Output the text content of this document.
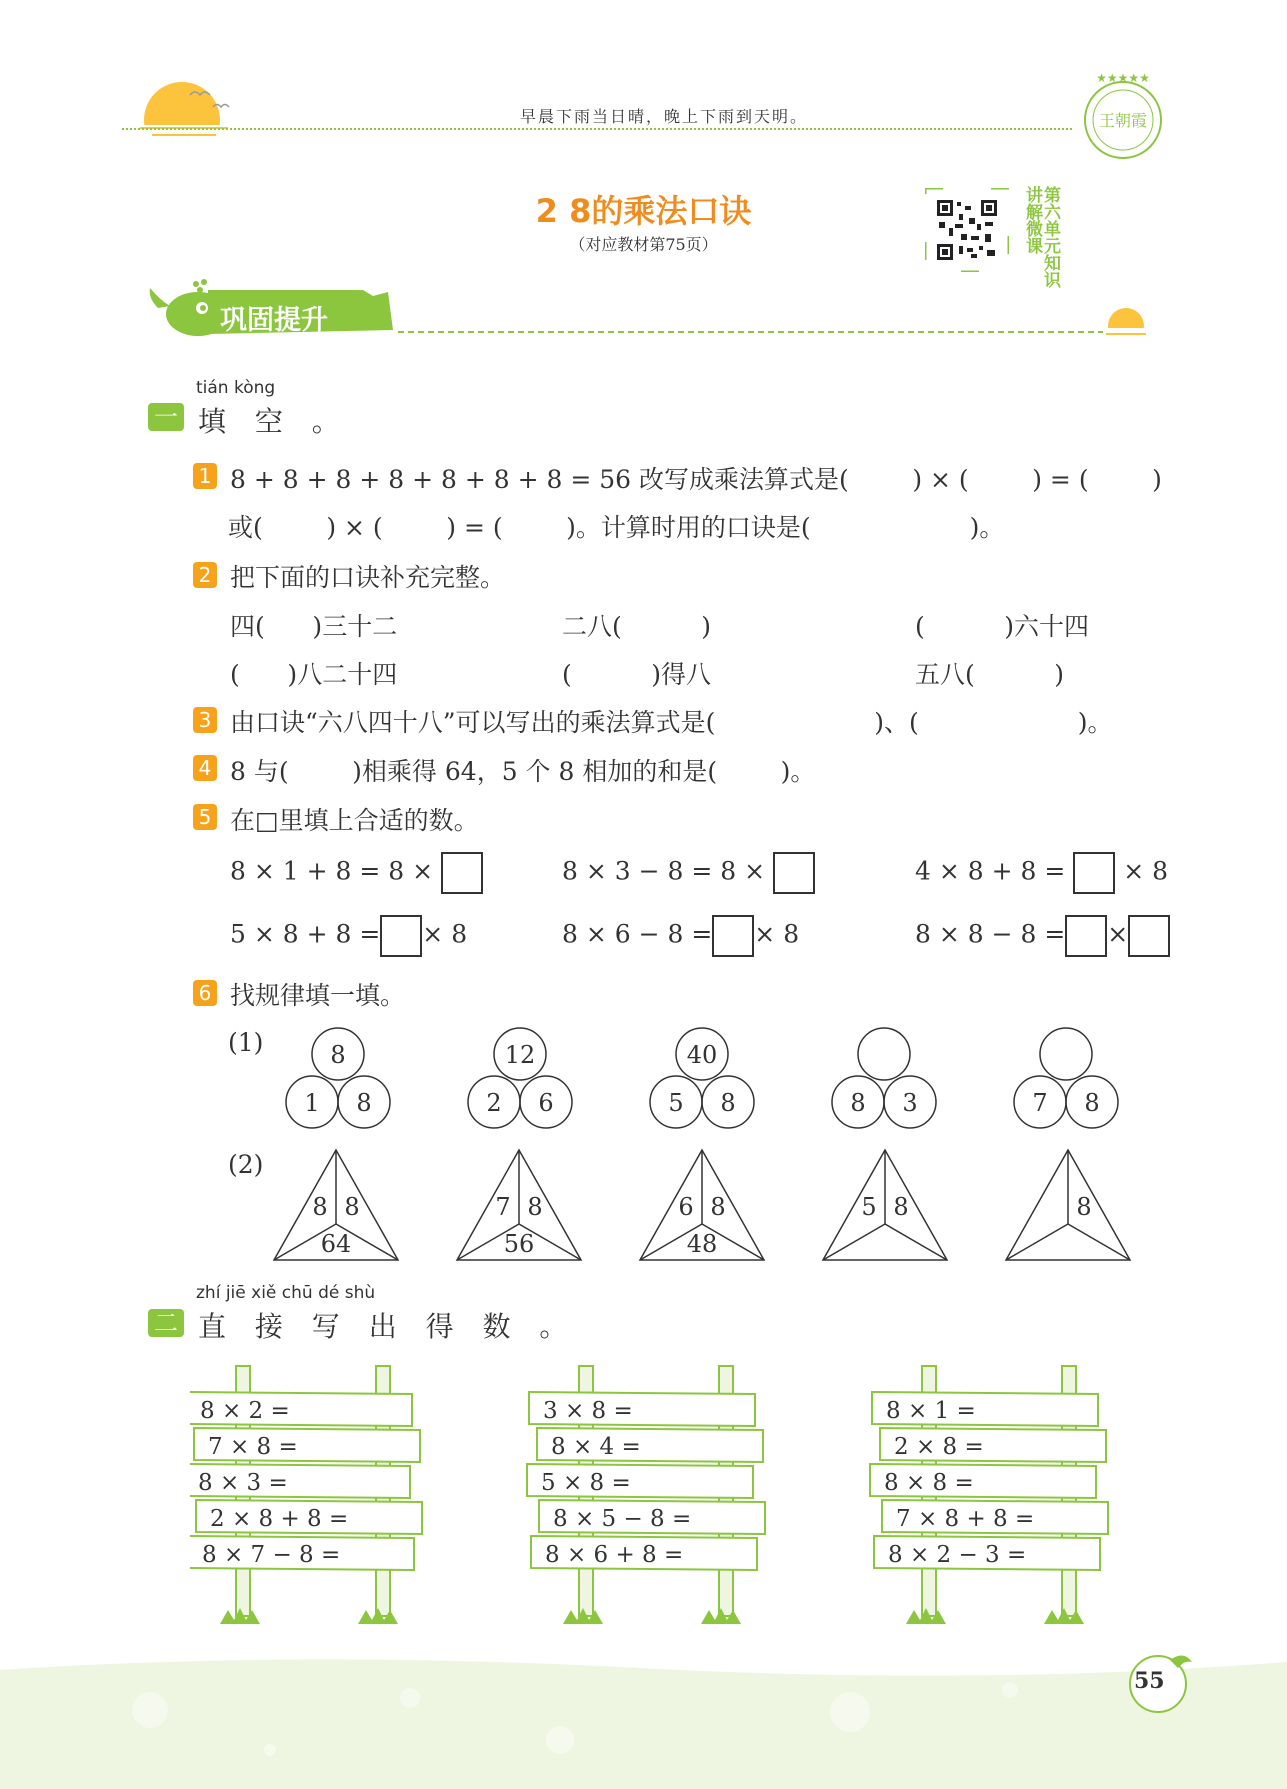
早晨下雨当日晴，晚上下雨到天明。
★★★★★
王朝霞
2 8的乘法口诀
（对应教材第75页）	第六单元知识讲解微课
巩固提升
tián kòng
一 填 空 。
1 8 + 8 + 8 + 8 + 8 + 8 + 8 = 56 改写成乘法算式是(        ) × (        ) = (        )
或(        ) × (        ) = (        )。计算时用的口诀是(                    )。
2 把下面的口诀补充完整。
四(      )三十二	二八(          )	(          )六十四
(      )八二十四	(          )得八	五八(          )
3 由口诀“六八四十八”可以写出的乘法算式是(                    )、(                    )。
4 8 与(        )相乘得 64，5 个 8 相加的和是(        )。
5 在□里填上合适的数。
8 × 1 + 8 = 8 ×	8 × 3 − 8 = 8 ×	4 × 8 + 8 = × 8
5 × 8 + 8 = × 8	8 × 6 − 8 = × 8	8 × 8 − 8 = ×
6 找规律填一填。
(1)
(2)
8
1 8
12
2 6
40
5 8	8 3	7 8
8 8
64
7 8
56
6 8
48
5 8	8
zhí jiē xiě chū dé shù
二 直 接 写 出 得 数 。
8 × 2 =
7 × 8 =
8 × 3 =
2 × 8 + 8 =
8 × 7 − 8 =
3 × 8 =
8 × 4 =
5 × 8 =
8 × 5 − 8 =
8 × 6 + 8 =
8 × 1 =
2 × 8 =
8 × 8 =
7 × 8 + 8 =
8 × 2 − 3 =
55
